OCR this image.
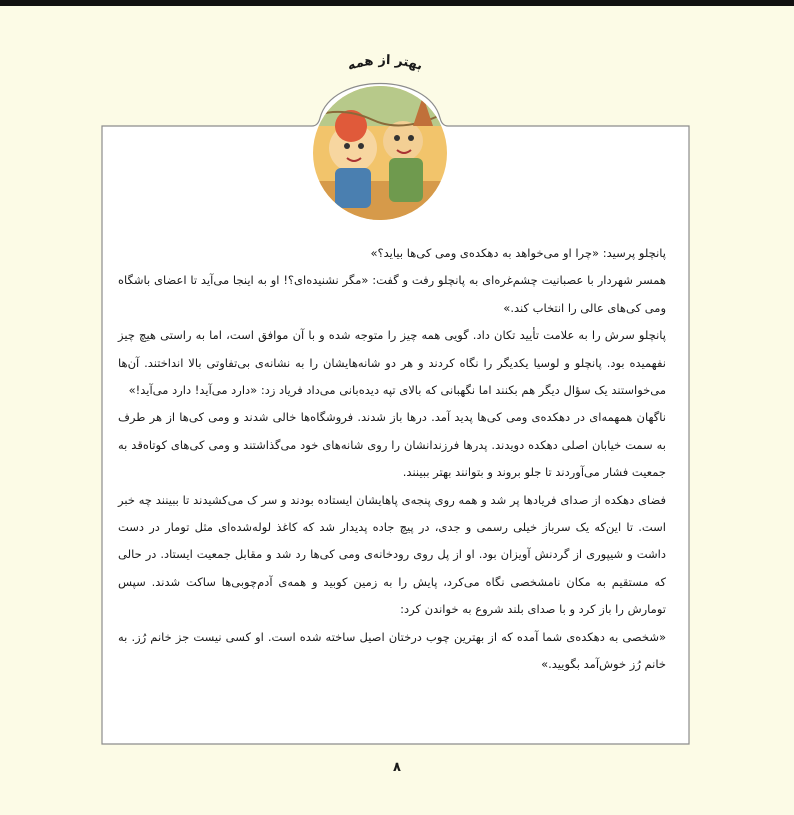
بهتر از همه

پانچلو پرسید: «چرا او می‌خواهد به دهکده‌ی ومی کی‌ها بیاید؟»

همسر شهردار با عصبانیت چشم‌غره‌ای به پانچلو رفت و گفت: «مگر نشنیده‌ای؟! او به اینجا می‌آید تا اعضای باشگاه ومی کی‌های عالی را انتخاب کند.»

پانچلو سرش را به علامت تأیید تکان داد. گویی همه چیز را متوجه شده و با آن موافق است، اما به راستی هیچ چیز نفهمیده بود. پانچلو و لوسیا یکدیگر را نگاه کردند و هر دو شانه‌هایشان را به نشانه‌ی بی‌تفاوتی بالا انداختند. آن‌ها می‌خواستند یک سؤال دیگر هم بکنند اما نگهبانی که بالای تپه دیده‌بانی می‌داد فریاد زد: «دارد می‌آید! دارد می‌آید!»

ناگهان همهمه‌ای در دهکده‌ی ومی کی‌ها پدید آمد. درها باز شدند. فروشگاه‌ها خالی شدند و ومی کی‌ها از هر طرف به سمت خیابان اصلی دهکده دویدند. پدرها فرزندانشان را روی شانه‌های خود می‌گذاشتند و ومی کی‌های کوتاه‌قد به جمعیت فشار می‌آوردند تا جلو بروند و بتوانند بهتر ببینند.

فضای دهکده از صدای فریادها پر شد و همه روی پنجه‌ی پاهایشان ایستاده بودند و سر ک می‌کشیدند تا ببینند چه خبر است. تا این‌که یک سرباز خیلی رسمی و جدی، در پیچ جاده پدیدار شد که کاغذ لوله‌شده‌ای مثل تومار در دست داشت و شیپوری از گردنش آویزان بود. او از پل روی رودخانه‌ی ومی کی‌ها رد شد و مقابل جمعیت ایستاد. در حالی که مستقیم به مکان نامشخصی نگاه می‌کرد، پایش را به زمین کوبید و همه‌ی آدم‌چوبی‌ها ساکت شدند. سپس تومارش را باز کرد و با صدای بلند شروع به خواندن کرد:

«شخصی به دهکده‌ی شما آمده که از بهترین چوب درختان اصیل ساخته شده است. او کسی نیست جز خانم رُز. به خانم رُز خوش‌آمد بگویید.»

۸
